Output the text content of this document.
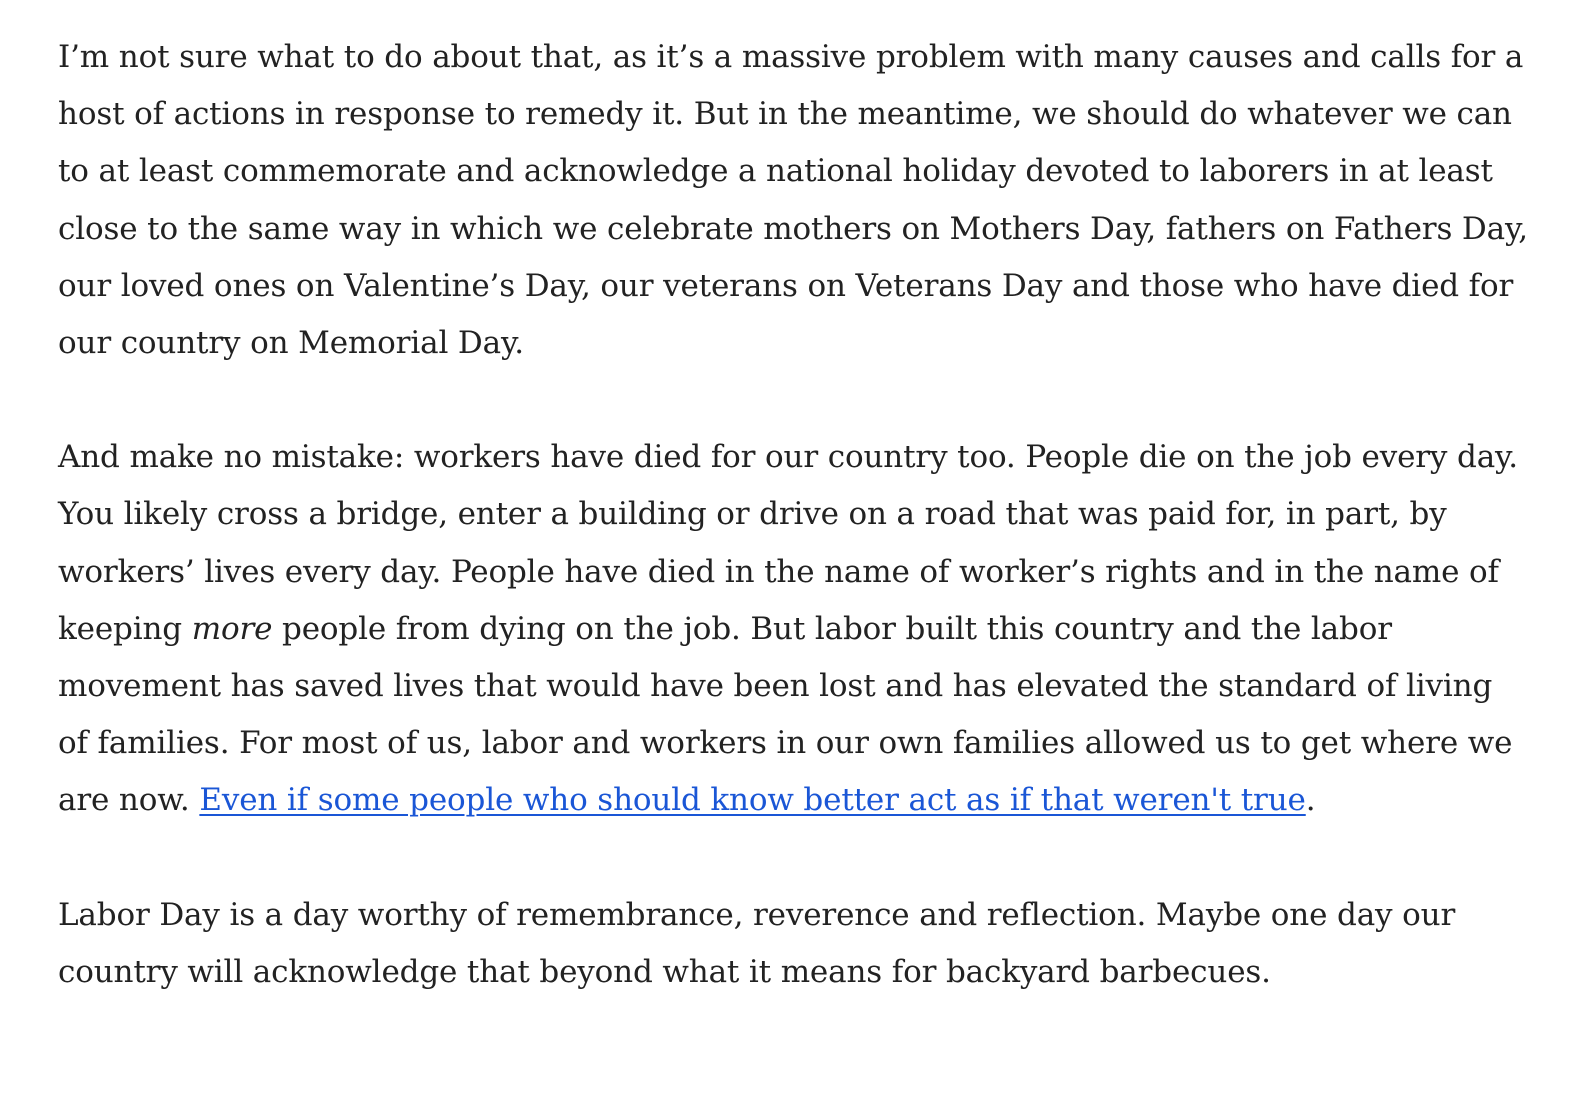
I’m not sure what to do about that, as it’s a massive problem with many causes and calls for a host of actions in response to remedy it. But in the meantime, we should do whatever we can to at least commemorate and acknowledge a national holiday devoted to laborers in at least close to the same way in which we celebrate mothers on Mothers Day, fathers on Fathers Day, our loved ones on Valentine’s Day, our veterans on Veterans Day and those who have died for our country on Memorial Day.

And make no mistake: workers have died for our country too. People die on the job every day. You likely cross a bridge, enter a building or drive on a road that was paid for, in part, by workers’ lives every day. People have died in the name of worker’s rights and in the name of keeping more people from dying on the job. But labor built this country and the labor movement has saved lives that would have been lost and has elevated the standard of living of families. For most of us, labor and workers in our own families allowed us to get where we are now. Even if some people who should know better act as if that weren't true.

Labor Day is a day worthy of remembrance, reverence and reflection. Maybe one day our country will acknowledge that beyond what it means for backyard barbecues.
